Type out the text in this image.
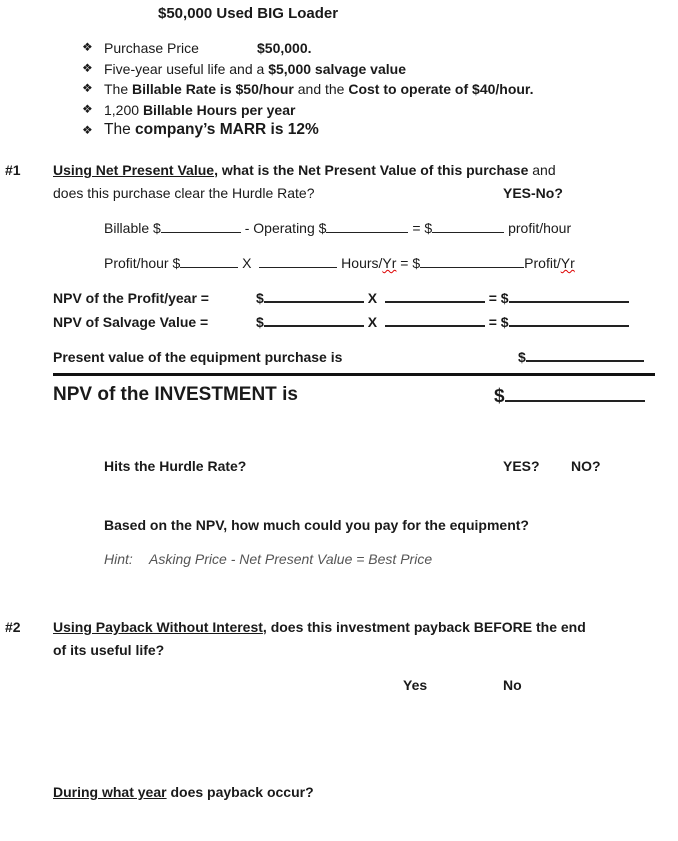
$50,000 Used BIG Loader
❖ Purchase Price	$50,000.
❖ Five-year useful life and a $5,000 salvage value
❖ The Billable Rate is $50/hour and the Cost to operate of $40/hour.
❖ 1,200 Billable Hours per year
❖ The company’s MARR is 12%
#1 Using Net Present Value, what is the Net Present Value of this purchase and
does this purchase clear the Hurdle Rate?	YES-No?
Billable $	- Operating $	= $	profit/hour
Profit/hour $	X	Hours/Yr = $	Profit/Yr
NPV of the Profit/year =	$	X	= $
NPV of Salvage Value =	$	X	= $
Present value of the equipment purchase is	$
NPV of the INVESTMENT is	$
Hits the Hurdle Rate?	YES? NO?
Based on the NPV, how much could you pay for the equipment?
Hint: Asking Price - Net Present Value = Best Price
#2 Using Payback Without Interest, does this investment payback BEFORE the end
of its useful life?
Yes	No
During what year does payback occur?
